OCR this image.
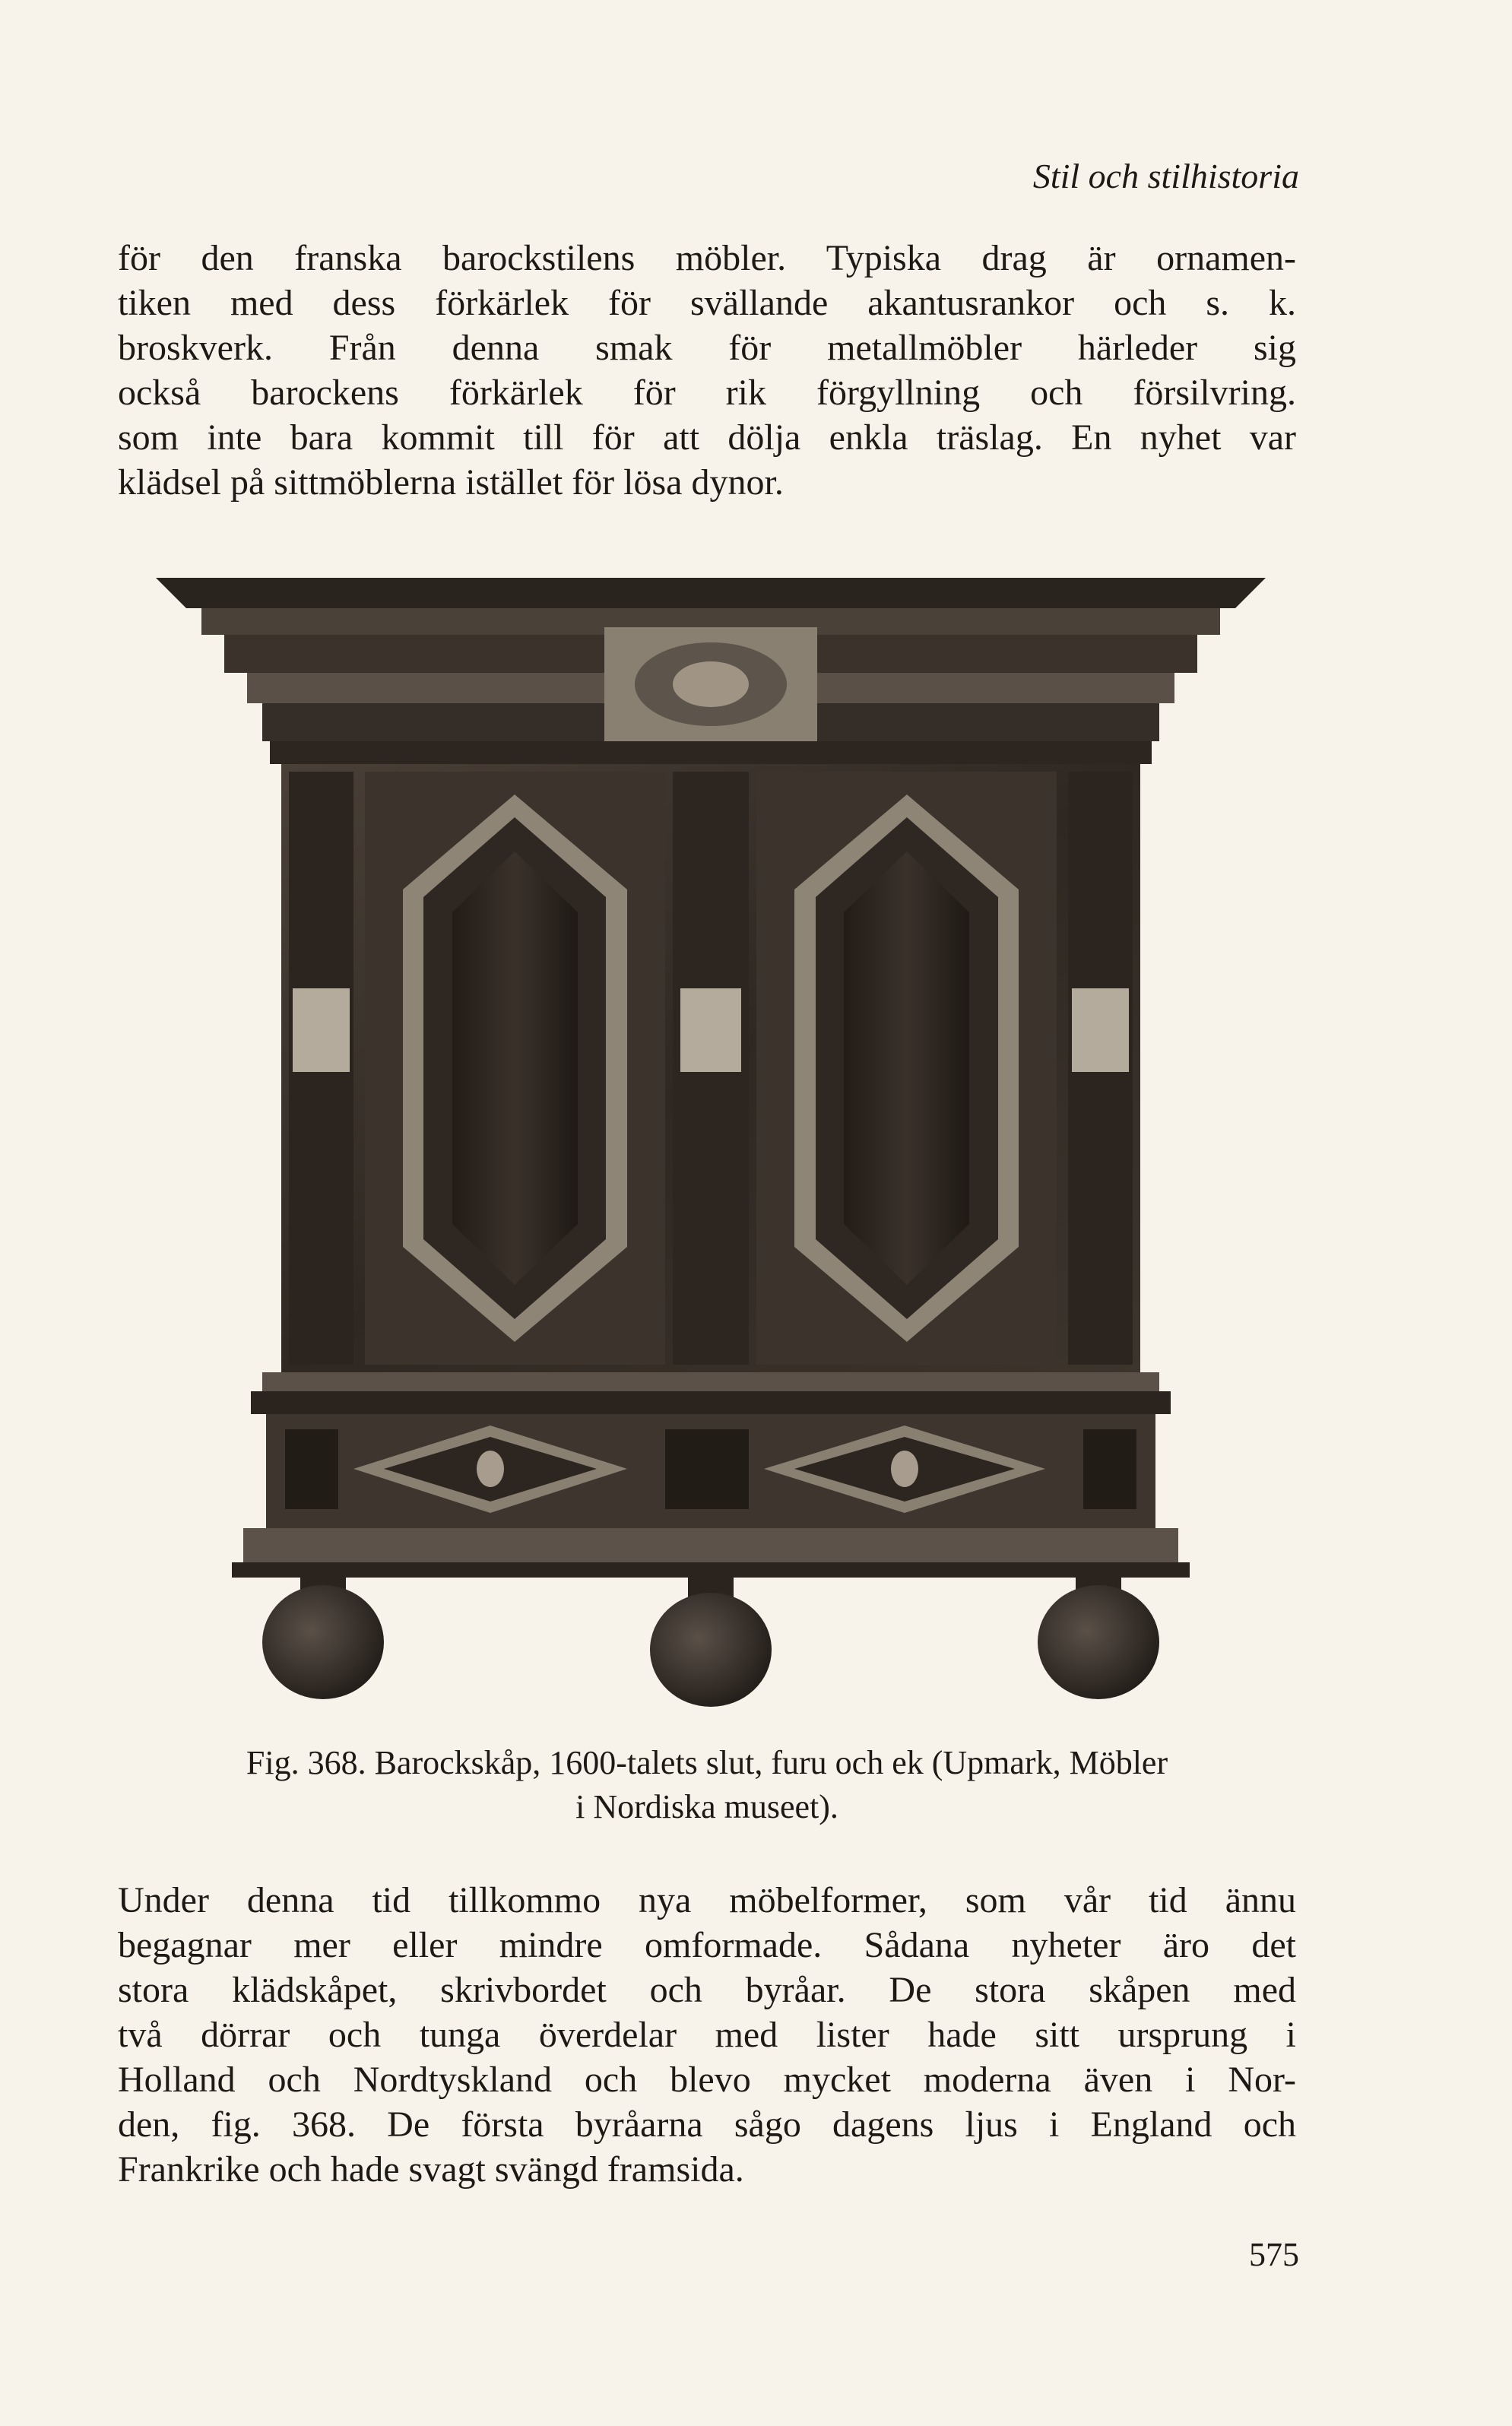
Stil och stilhistoria
för den franska barockstilens möbler. Typiska drag är ornamen-
tiken med dess förkärlek för svällande akantusrankor och s. k.
broskverk. Från denna smak för metallmöbler härleder sig
också barockens förkärlek för rik förgyllning och försilvring.
som inte bara kommit till för att dölja enkla träslag. En nyhet var
klädsel på sittmöblerna istället för lösa dynor.
Fig. 368. Barockskåp, 1600-talets slut, furu och ek (Upmark, Möbler
i Nordiska museet).
Under denna tid tillkommo nya möbelformer, som vår tid ännu
begagnar mer eller mindre omformade. Sådana nyheter äro det
stora klädskåpet, skrivbordet och byråar. De stora skåpen med
två dörrar och tunga överdelar med lister hade sitt ursprung i
Holland och Nordtyskland och blevo mycket moderna även i Nor-
den, fig. 368. De första byråarna sågo dagens ljus i England och
Frankrike och hade svagt svängd framsida.
575
